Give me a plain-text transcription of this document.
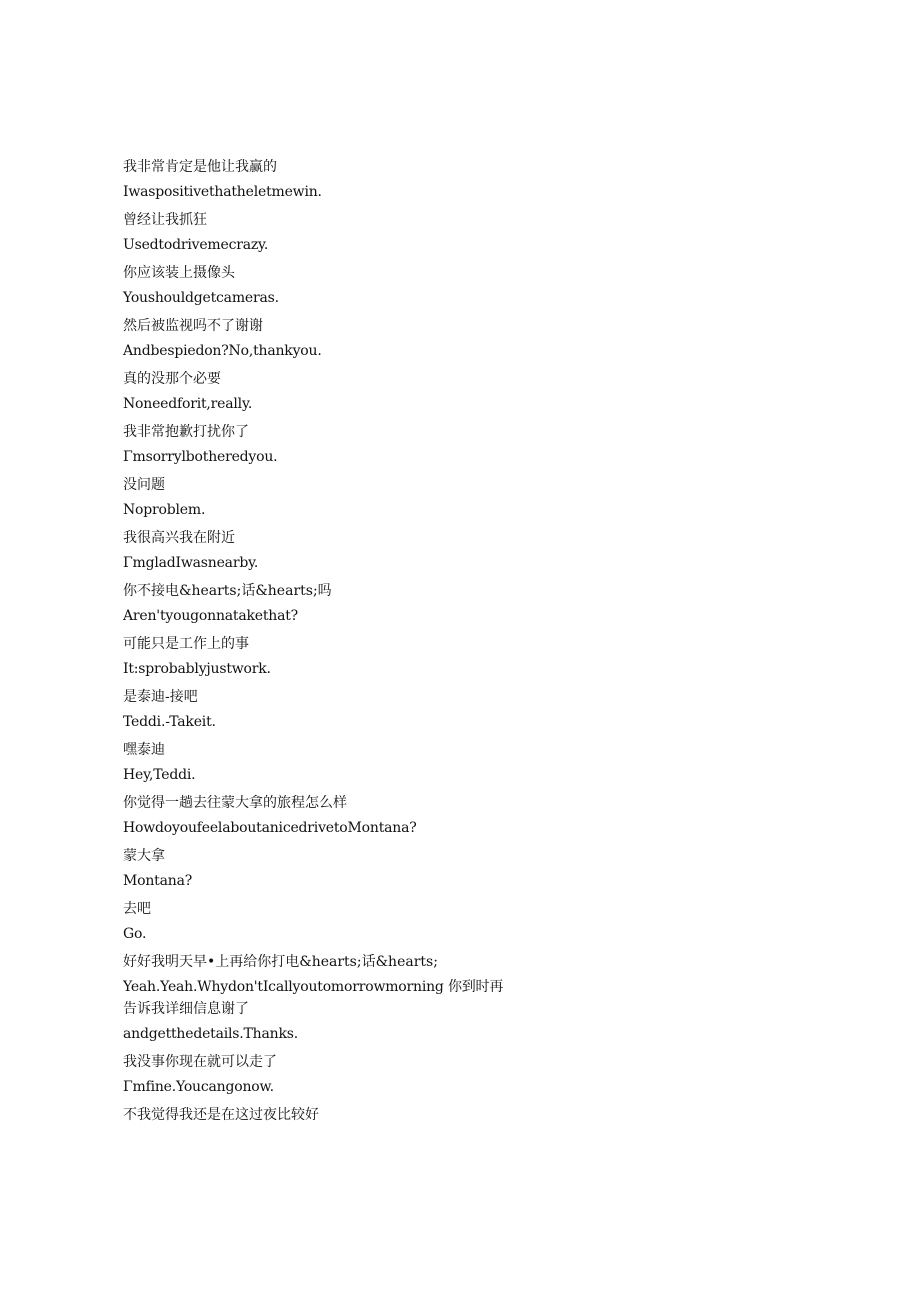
我非常肯定是他让我赢的
Iwaspositivethatheletmewin.
曾经让我抓狂
Usedtodrivemecrazy.
你应该装上摄像头
Youshouldgetcameras.
然后被监视吗不了谢谢
Andbespiedon?No,thankyou.
真的没那个必要
Noneedforit,really.
我非常抱歉打扰你了
Γmsorrylbotheredyou.
没问题
Noproblem.
我很高兴我在附近
ΓmgladIwasnearby.
你不接电&hearts;话&hearts;吗
Aren'tyougonnatakethat?
可能只是工作上的事
It:sprobablyjustwork.
是泰迪-接吧
Teddi.-Takeit.
嘿泰迪
Hey,Teddi.
你觉得一趟去往蒙大拿的旅程怎么样
HowdoyoufeelaboutanicedrivetoMontana?
蒙大拿
Montana?
去吧
Go.
好好我明天早•上再给你打电&hearts;话&hearts;
Yeah.Yeah.Whydon'tIcallyoutomorrowmorning 你到时再
告诉我详细信息谢了
andgetthedetails.Thanks.
我没事你现在就可以走了
Γmfine.Youcangonow.
不我觉得我还是在这过夜比较好
